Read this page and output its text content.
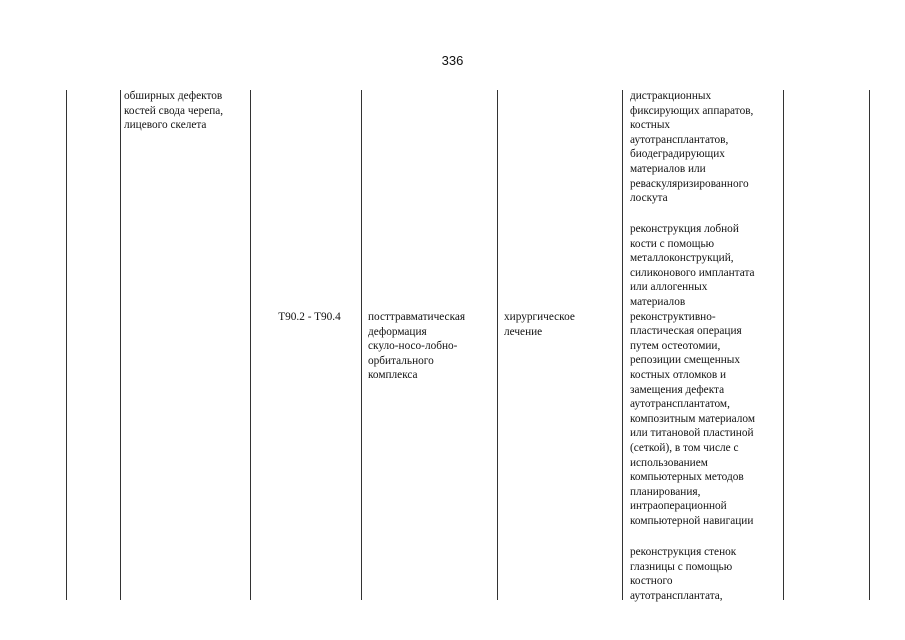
336
обширных дефектов
костей свода черепа,
лицевого скелета
T90.2 - T90.4	посттравматическая
деформация
скуло-носо-лобно-
орбитального
комплекса
хирургическое
лечение
дистракционных
фиксирующих аппаратов,
костных
аутотрансплантатов,
биодеградирующих
материалов или
реваскуляризированного
лоскута
реконструкция лобной
кости с помощью
металлоконструкций,
силиконового имплантата
или аллогенных
материалов
реконструктивно-
пластическая операция
путем остеотомии,
репозиции смещенных
костных отломков и
замещения дефекта
аутотрансплантатом,
композитным материалом
или титановой пластиной
(сеткой), в том числе с
использованием
компьютерных методов
планирования,
интраоперационной
компьютерной навигации
реконструкция стенок
глазницы с помощью
костного
аутотрансплантата,
